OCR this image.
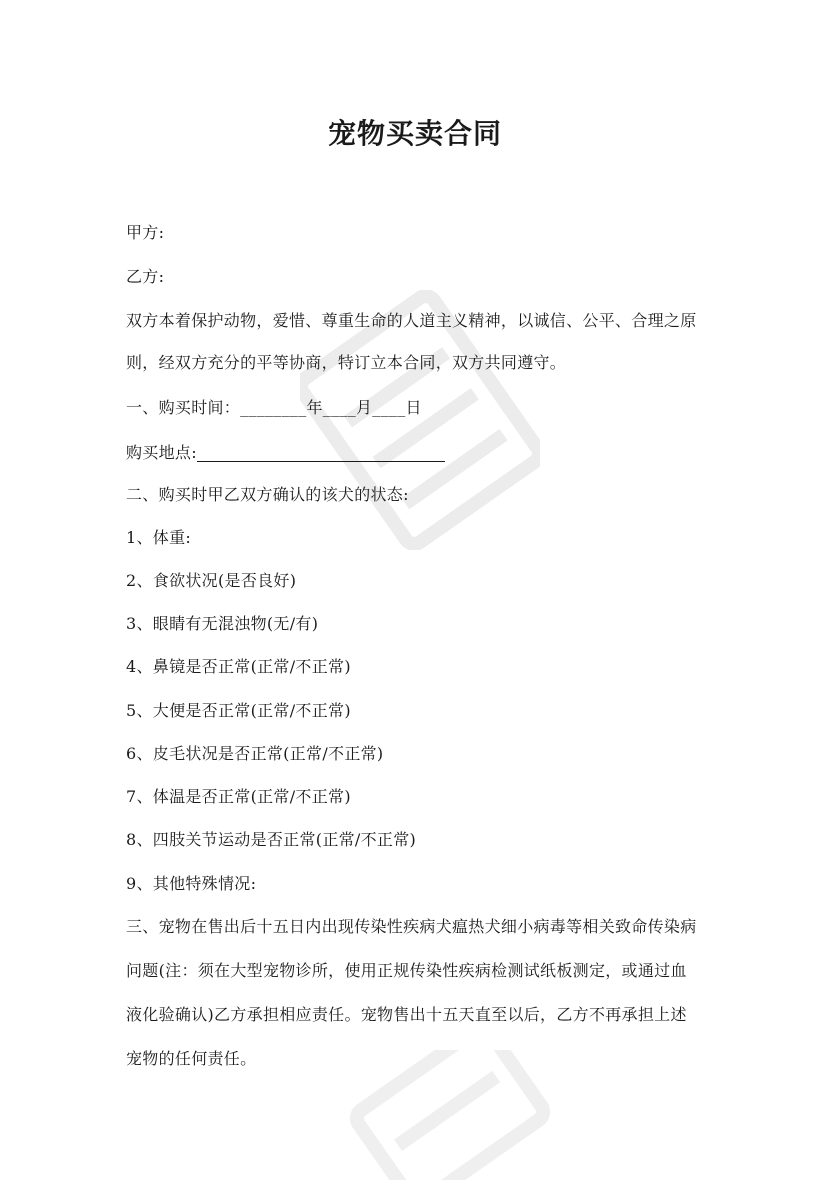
宠物买卖合同
甲方:
乙方:
双方本着保护动物，爱惜、尊重生命的人道主义精神，以诚信、公平、合理之原
则，经双方充分的平等协商，特订立本合同，双方共同遵守。
一、购买时间：________年____月____日
购买地点:
二、购买时甲乙双方确认的该犬的状态:
1、体重:
2、食欲状况(是否良好)
3、眼睛有无混浊物(无/有)
4、鼻镜是否正常(正常/不正常)
5、大便是否正常(正常/不正常)
6、皮毛状况是否正常(正常/不正常)
7、体温是否正常(正常/不正常)
8、四肢关节运动是否正常(正常/不正常)
9、其他特殊情况:
三、宠物在售出后十五日内出现传染性疾病犬瘟热犬细小病毒等相关致命传染病
问题(注：须在大型宠物诊所，使用正规传染性疾病检测试纸板测定，或通过血
液化验确认)乙方承担相应责任。宠物售出十五天直至以后，乙方不再承担上述
宠物的任何责任。
